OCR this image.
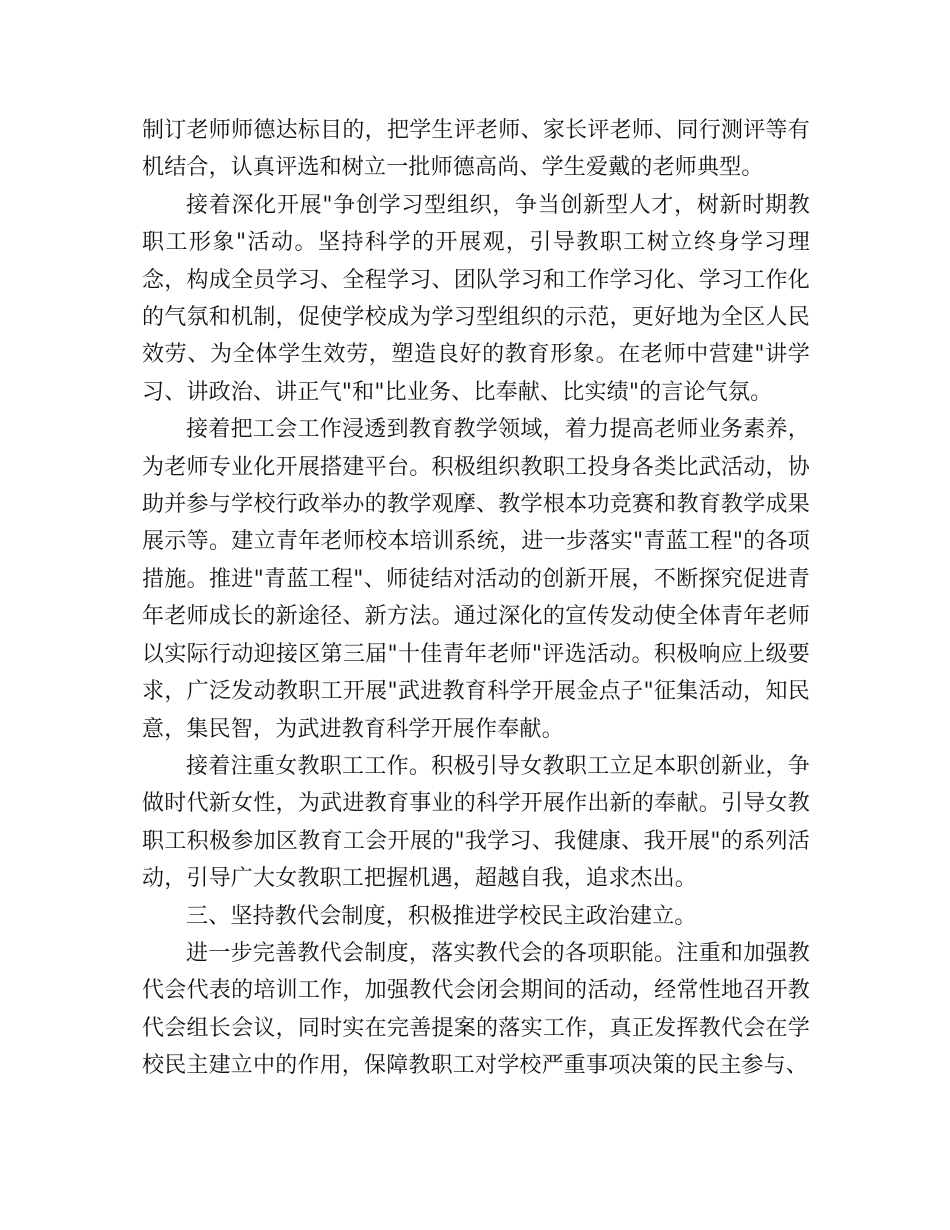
制订老师师德达标目的，把学生评老师、家长评老师、同行测评等有机结合，认真评选和树立一批师德高尚、学生爱戴的老师典型。

接着深化开展"争创学习型组织，争当创新型人才，树新时期教职工形象"活动。坚持科学的开展观，引导教职工树立终身学习理念，构成全员学习、全程学习、团队学习和工作学习化、学习工作化的气氛和机制，促使学校成为学习型组织的示范，更好地为全区人民效劳、为全体学生效劳，塑造良好的教育形象。在老师中营建"讲学习、讲政治、讲正气"和"比业务、比奉献、比实绩"的言论气氛。

接着把工会工作浸透到教育教学领域，着力提高老师业务素养，为老师专业化开展搭建平台。积极组织教职工投身各类比武活动，协助并参与学校行政举办的教学观摩、教学根本功竞赛和教育教学成果展示等。建立青年老师校本培训系统，进一步落实"青蓝工程"的各项措施。推进"青蓝工程"、师徒结对活动的创新开展，不断探究促进青年老师成长的新途径、新方法。通过深化的宣传发动使全体青年老师以实际行动迎接区第三届"十佳青年老师"评选活动。积极响应上级要求，广泛发动教职工开展"武进教育科学开展金点子"征集活动，知民意，集民智，为武进教育科学开展作奉献。

接着注重女教职工工作。积极引导女教职工立足本职创新业，争做时代新女性，为武进教育事业的科学开展作出新的奉献。引导女教职工积极参加区教育工会开展的"我学习、我健康、我开展"的系列活动，引导广大女教职工把握机遇，超越自我，追求杰出。

三、坚持教代会制度，积极推进学校民主政治建立。

进一步完善教代会制度，落实教代会的各项职能。注重和加强教代会代表的培训工作，加强教代会闭会期间的活动，经常性地召开教代会组长会议，同时实在完善提案的落实工作，真正发挥教代会在学校民主建立中的作用，保障教职工对学校严重事项决策的民主参与、
